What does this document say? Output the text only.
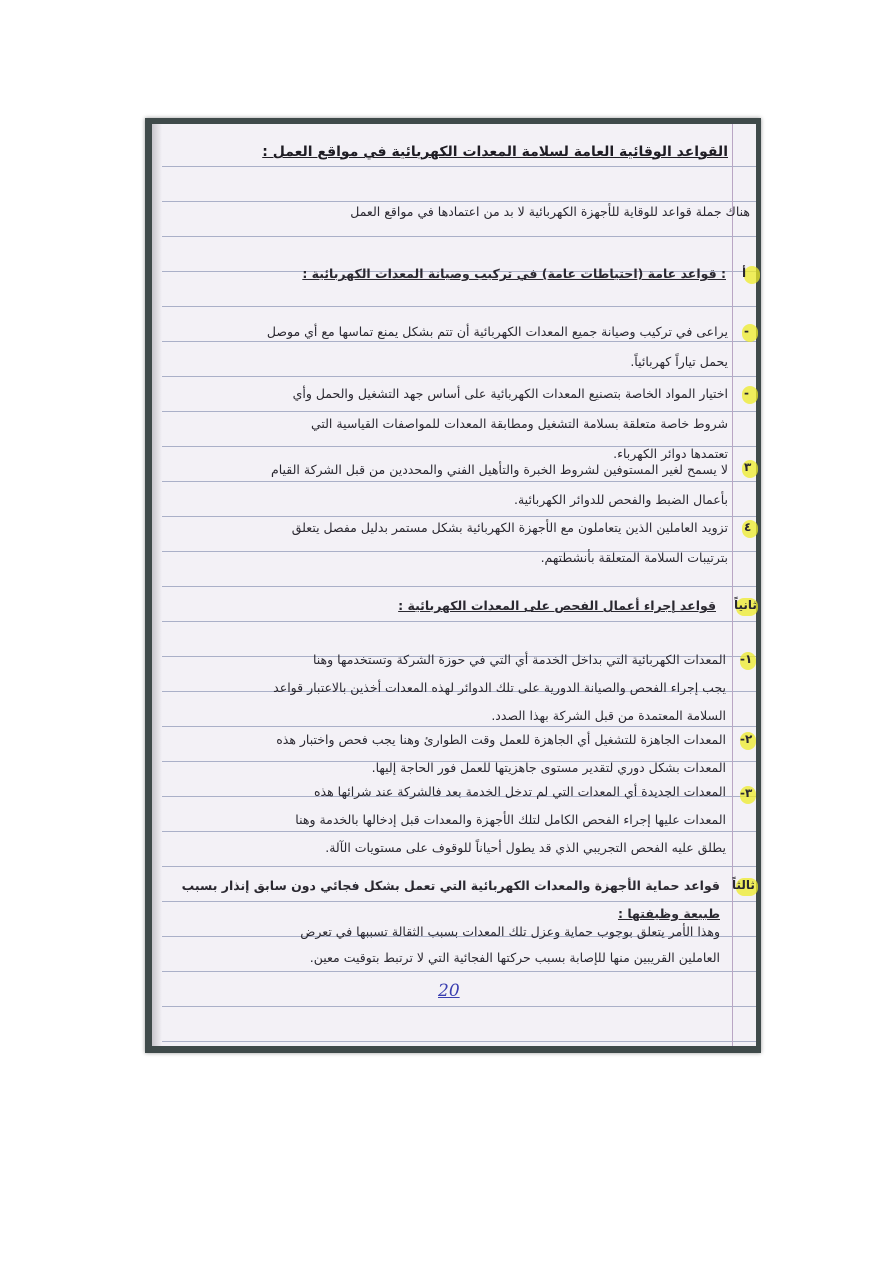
القواعد الوقائية العامة لسلامة المعدات الكهربائية في مواقع العمل :
هناك جملة قواعد للوقاية للأجهزة الكهربائية لا بد من اعتمادها في مواقع العمل
أ
: قواعد عامة (احتياطات عامة) في تركيب وصيانة المعدات الكهربائية :
-
يراعى في تركيب وصيانة جميع المعدات الكهربائية أن تتم بشكل يمنع تماسها مع أي موصل
يحمل تياراً كهربائياً.
-
اختيار المواد الخاصة بتصنيع المعدات الكهربائية على أساس جهد التشغيل والحمل وأي
شروط خاصة متعلقة بسلامة التشغيل ومطابقة المعدات للمواصفات القياسية التي
تعتمدها دوائر الكهرباء.
٣
لا يسمح لغير المستوفين لشروط الخبرة والتأهيل الفني والمحددين من قبل الشركة القيام
بأعمال الضبط والفحص للدوائر الكهربائية.
٤
تزويد العاملين الذين يتعاملون مع الأجهزة الكهربائية بشكل مستمر بدليل مفصل يتعلق
بترتيبات السلامة المتعلقة بأنشطتهم.
ثانياً
قواعد إجراء أعمال الفحص على المعدات الكهربائية :
١-
المعدات الكهربائية التي بداخل الخدمة أي التي في حوزة الشركة وتستخدمها وهنا
يجب إجراء الفحص والصيانة الدورية على تلك الدوائر لهذه المعدات أخذين بالاعتبار قواعد
السلامة المعتمدة من قبل الشركة بهذا الصدد.
٢-
المعدات الجاهزة للتشغيل أي الجاهزة للعمل وقت الطوارئ وهنا يجب فحص واختبار هذه
المعدات بشكل دوري لتقدير مستوى جاهزيتها للعمل فور الحاجة إليها.
٣-
المعدات الجديدة أي المعدات التي لم تدخل الخدمة بعد فالشركة عند شرائها هذه
المعدات عليها إجراء الفحص الكامل لتلك الأجهزة والمعدات قبل إدخالها بالخدمة وهنا
يطلق عليه الفحص التجريبي الذي قد يطول أحياناً للوقوف على مستويات الآلة.
ثالثاً
قواعد حماية الأجهزة والمعدات الكهربائية التي تعمل بشكل فجائي دون سابق إنذار بسبب
طبيعة وظيفتها :
وهذا الأمر يتعلق بوجوب حماية وعزل تلك المعدات بسبب الثقالة تسببها في تعرض
العاملين القريبين منها للإصابة بسبب حركتها الفجائية التي لا ترتبط بتوقيت معين.
20
